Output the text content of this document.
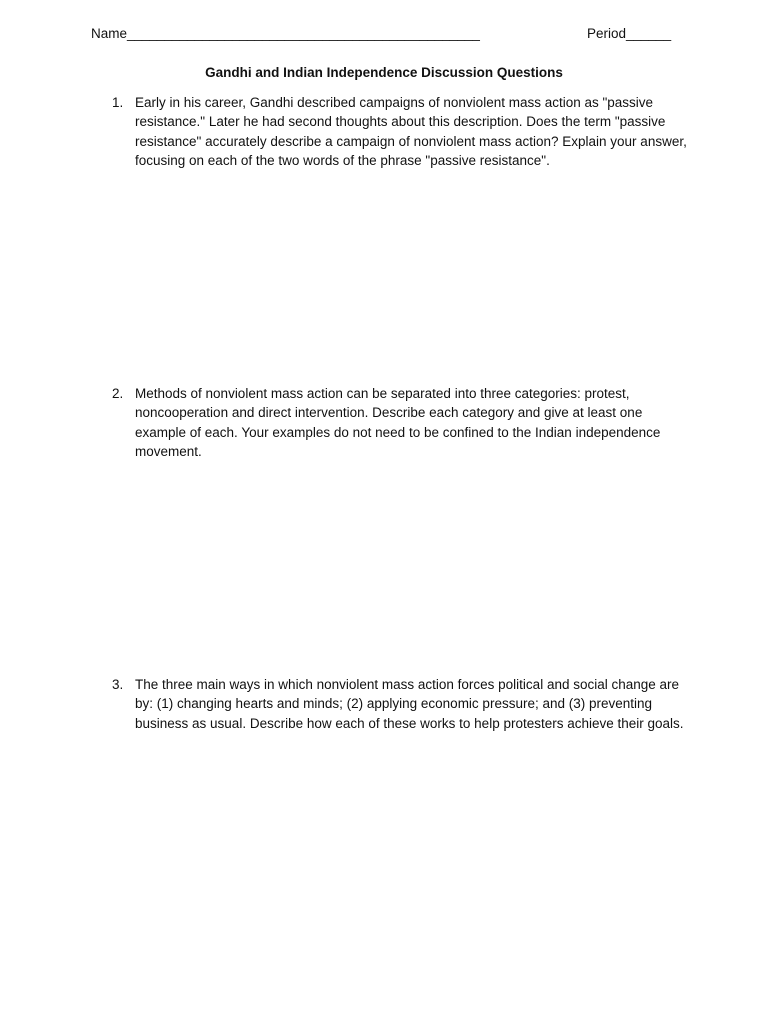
Name_______________________________________________	Period______
Gandhi and Indian Independence Discussion Questions
1. Early in his career, Gandhi described campaigns of nonviolent mass action as "passive resistance." Later he had second thoughts about this description. Does the term "passive resistance" accurately describe a campaign of nonviolent mass action? Explain your answer, focusing on each of the two words of the phrase "passive resistance".
2. Methods of nonviolent mass action can be separated into three categories: protest, noncooperation and direct intervention. Describe each category and give at least one example of each. Your examples do not need to be confined to the Indian independence movement.
3. The three main ways in which nonviolent mass action forces political and social change are by: (1) changing hearts and minds; (2) applying economic pressure; and (3) preventing business as usual. Describe how each of these works to help protesters achieve their goals.
